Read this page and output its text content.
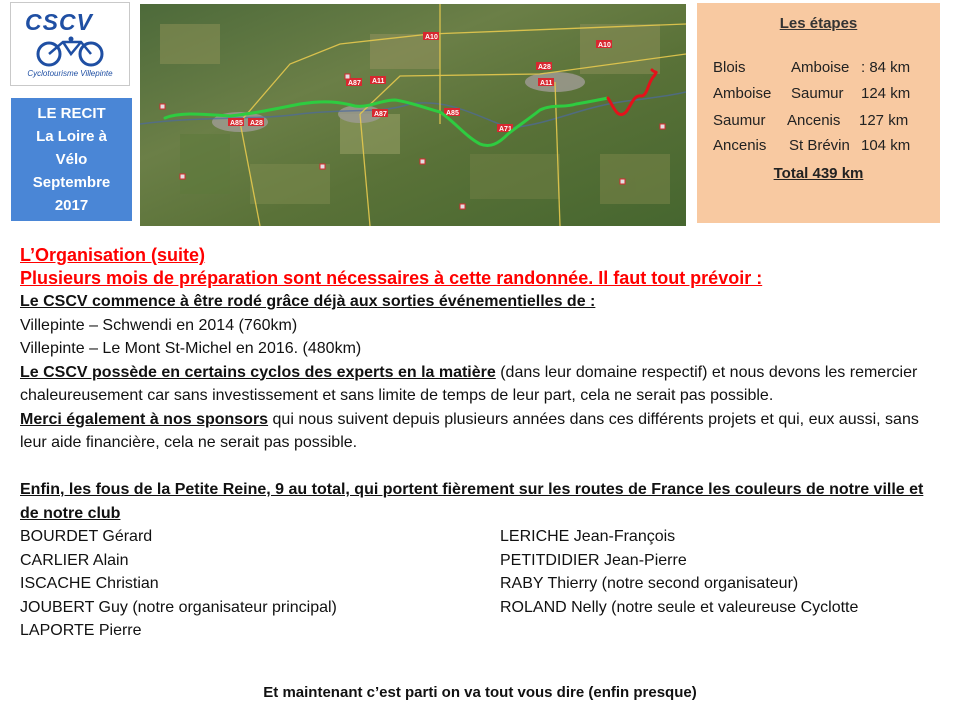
CSCV
Cyclotourisme Villepinte
LE RECIT
La Loire à
Vélo
Septembre
2017
A10
A28
A11
A87	A85
A71
A10
A85 A28
A87	A11
Les étapes
Blois	Amboise : 84 km
Amboise Saumur 124 km
Saumur Ancenis 127 km
Ancenis St Brévin 104 km
Total 439 km
L’Organisation (suite)
Plusieurs mois de préparation sont nécessaires à cette randonnée. Il faut tout prévoir :
Le CSCV commence à être rodé grâce déjà aux sorties événementielles de :
Villepinte – Schwendi en 2014 (760km)
Villepinte – Le Mont St-Michel en 2016. (480km)
Le CSCV possède en certains cyclos des experts en la matière (dans leur domaine respectif) et nous devons les remercier chaleureusement car sans investissement et sans limite de temps de leur part, cela ne serait pas possible.
Merci également à nos sponsors qui nous suivent depuis plusieurs années dans ces différents projets et qui, eux aussi, sans leur aide financière, cela ne serait pas possible.
Enfin, les fous de la Petite Reine, 9 au total, qui portent fièrement sur les routes de France les couleurs de notre ville et de notre club
BOURDET Gérard
CARLIER Alain
ISCACHE Christian
JOUBERT Guy (notre organisateur principal)
LAPORTE Pierre
LERICHE Jean-François
PETITDIDIER Jean-Pierre
RABY Thierry (notre second organisateur)
ROLAND Nelly (notre seule et valeureuse Cyclotte
Et maintenant c’est parti on va tout vous dire (enfin presque)
